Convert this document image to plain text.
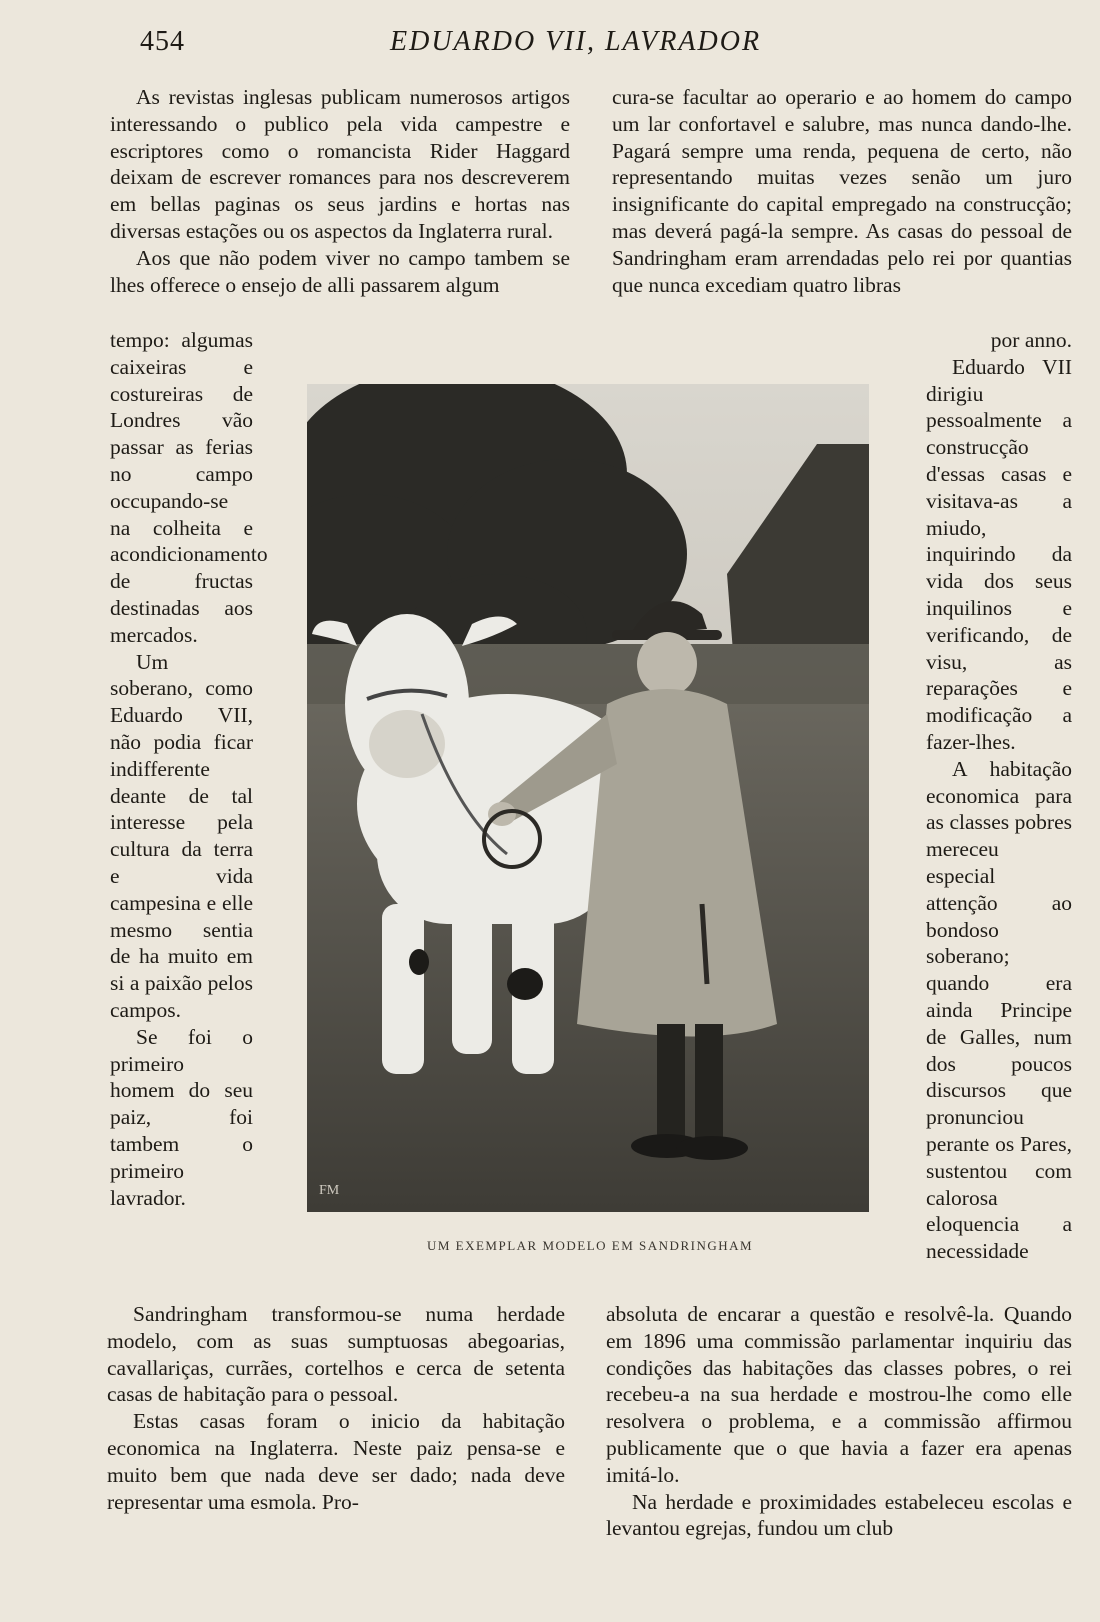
454	EDUARDO VII, LAVRADOR

As revistas inglesas publicam numerosos artigos interessando o publico pela vida campestre e escriptores como o romancista Rider Haggard deixam de escrever romances para nos descreverem em bellas paginas os seus jardins e hortas nas diversas estações ou os aspectos da Inglaterra rural.

Aos que não podem viver no campo tambem se lhes offerece o ensejo de alli passarem algum

cura-se facultar ao operario e ao homem do campo um lar confortavel e salubre, mas nunca dando-lhe. Pagará sempre uma renda, pequena de certo, não representando muitas vezes senão um juro insignificante do capital empregado na construcção; mas deverá pagá-la sempre. As casas do pessoal de Sandringham eram arrendadas pelo rei por quantias que nunca excediam quatro libras

tempo: algumas caixeiras e costureiras de Londres vão passar as ferias no campo occupando-se na colheita e acondicionamento de fructas destinadas aos mercados.

Um soberano, como Eduardo VII, não podia ficar indifferente deante de tal interesse pela cultura da terra e vida campesina e elle mesmo sentia de ha muito em si a paixão pelos campos.

Se foi o primeiro homem do seu paiz, foi tambem o primeiro lavrador.

por anno.

Eduardo VII dirigiu pessoalmente a construcção d'essas casas e visitava-as a miudo, inquirindo da vida dos seus inquilinos e verificando, de visu, as reparações e modificação a fazer-lhes.

A habitação economica para as classes pobres mereceu especial attenção ao bondoso soberano; quando era ainda Principe de Galles, num dos poucos discursos que pronunciou perante os Pares, sustentou com calorosa eloquencia a necessidade

FM
UM EXEMPLAR MODELO EM SANDRINGHAM

Sandringham transformou-se numa herdade modelo, com as suas sumptuosas abegoarias, cavallariças, currães, cortelhos e cerca de setenta casas de habitação para o pessoal.

Estas casas foram o inicio da habitação economica na Inglaterra. Neste paiz pensa-se e muito bem que nada deve ser dado; nada deve representar uma esmola. Pro-

absoluta de encarar a questão e resolvê-la. Quando em 1896 uma commissão parlamentar inquiriu das condições das habitações das classes pobres, o rei recebeu-a na sua herdade e mostrou-lhe como elle resolvera o problema, e a commissão affirmou publicamente que o que havia a fazer era apenas imitá-lo.

Na herdade e proximidades estabeleceu escolas e levantou egrejas, fundou um club
